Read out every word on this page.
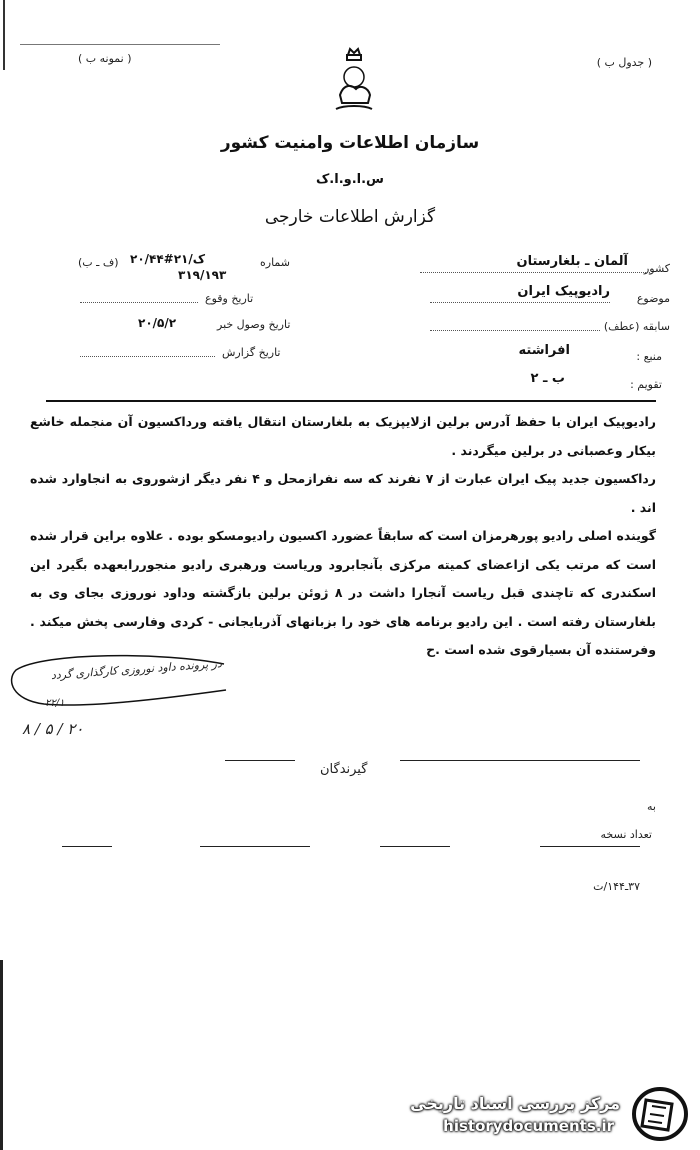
( نمونه ب )	( جدول ب )
سازمان اطلاعات وامنیت کشور
س.ا.و.ا.ک
گزارش اطلاعات خارجی
کشور
آلمان ـ بلغارستان
موضوع
رادیوپیک ایران
سابقه (عطف)
منبع :
افراشته
تقویم :
ب ـ ۲
شماره
۲۰/۴۴#۲۱/ک
(ف ـ ب)
۳۱۹/۱۹۳
تاریخ وقوع
تاریخ وصول خبر
۲۰/۵/۲
تاریخ گزارش

رادیوپیک ایران با حفظ آدرس برلین ازلایپزیک به بلغارستان انتقال یافته ورداکسیون آن منجمله خاشع بیکار وعصبانی در برلین میگردند .

رداکسیون جدید پیک ایران عبارت از ۷ نفرند که سه نفرازمحل و ۴ نفر دیگر ازشوروی به انجاوارد شده اند .

گوینده اصلی رادیو پورهرمزان است که سابقاً عضورد اکسیون رادیومسکو بوده . علاوه براین قرار شده است که مرتب یکی ازاعضای کمیته مرکزی بآنجابرود وریاست ورهبری رادیو منجوررابعهده بگیرد این اسکندری که تاچندی قبل ریاست آنجارا داشت در ۸ ژوئن برلین بازگشته وداود نوروزی بجای وی به بلغارستان رفته است . این رادیو برنامه های خود را بزبانهای آذربایجانی - کردی وفارسی پخش میکند . وفرستنده آن بسیارقوی شده است .ح

در پرونده داود نوروزی کارگذاری گردد
۲۲/۱
۸ / ۵ / ۲۰
گیرندگان
به
تعداد نسخه
۳۷ـ۱۴۴/ت
مرکز بررسی اسناد تاریخی
historydocuments.ir
